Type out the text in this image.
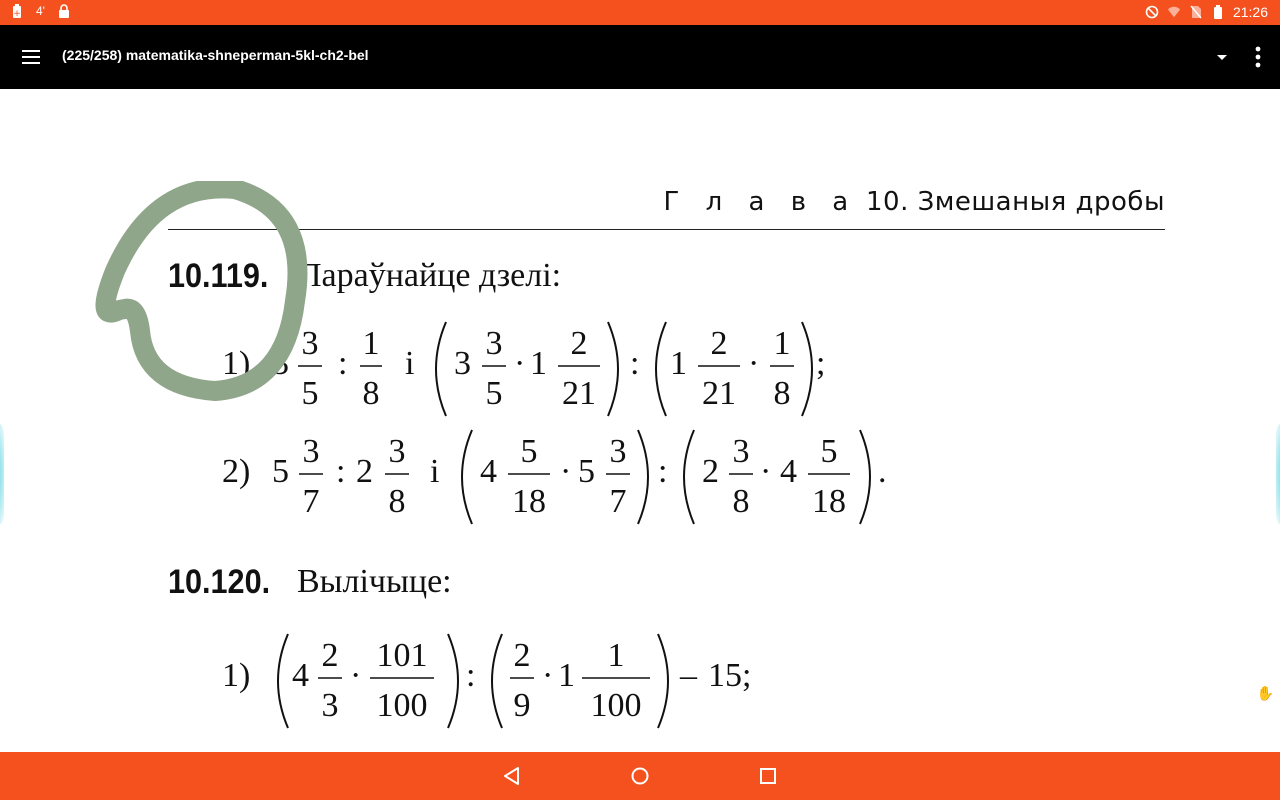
+ 4'	21:26
(225/258) matematika-shneperman-5kl-ch2-bel
Г л а в а 10. Змешаныя дробы
10.119. Параўнайце дзелі:
1) 3
3
5
:
1
8
і 3
3
5
· 1
2
21
: 1
2
21
·
1
8
;
2) 5
3
7
: 2
3
8
і 4
5
18
· 5
3
7
: 2
3
8
· 4
5
18
.
10.120. Вылічыце:
1) 4
2
3
·
101
100
:
2
9
· 1
1
100
– 15;	✋
